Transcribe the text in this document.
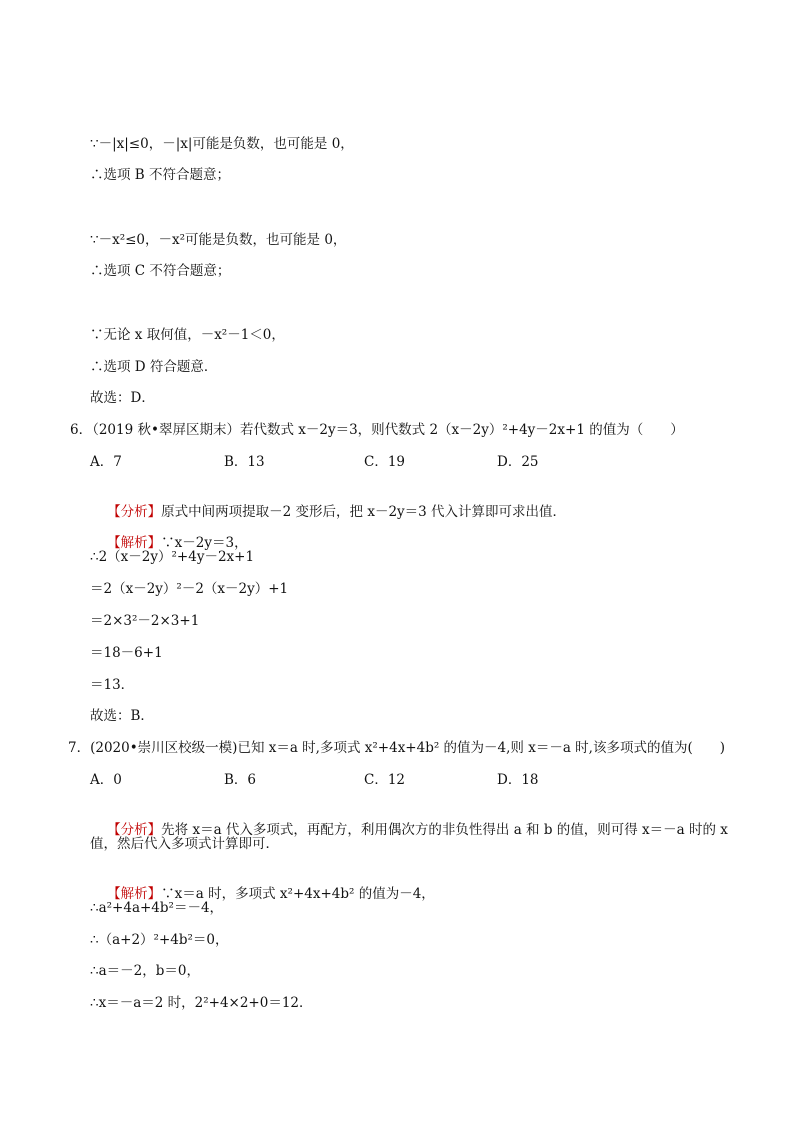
∵－|x|≤0，－|x|可能是负数，也可能是 0，
∴选项 B 不符合题意；
∵－x²≤0，－x²可能是负数，也可能是 0，
∴选项 C 不符合题意；
∵无论 x 取何值，－x²－1＜0，
∴选项 D 符合题意．
故选：D．
6．（2019 秋•翠屏区期末）若代数式 x－2y＝3，则代数式 2（x－2y）²+4y－2x+1 的值为（　　）
A．7	B．13	C．19	D．25

【分析】原式中间两项提取－2 变形后，把 x－2y＝3 代入计算即可求出值．

【解析】∵x－2y＝3，

∴2（x－2y）²+4y－2x+1
＝2（x－2y）²－2（x－2y）+1
＝2×3²－2×3+1
＝18－6+1
＝13．
故选：B．
7．(2020•崇川区校级一模)已知 x＝a 时,多项式 x²+4x+4b² 的值为－4,则 x＝－a 时,该多项式的值为(　　)
A．0	B．6	C．12	D．18

【分析】先将 x＝a 代入多项式，再配方，利用偶次方的非负性得出 a 和 b 的值，则可得 x＝－a 时的 x

值，然后代入多项式计算即可．

【解析】∵x＝a 时，多项式 x²+4x+4b² 的值为－4，

∴a²+4a+4b²＝－4，
∴（a+2）²+4b²＝0，
∴a＝－2，b＝0，
∴x＝－a＝2 时，2²+4×2+0＝12．
